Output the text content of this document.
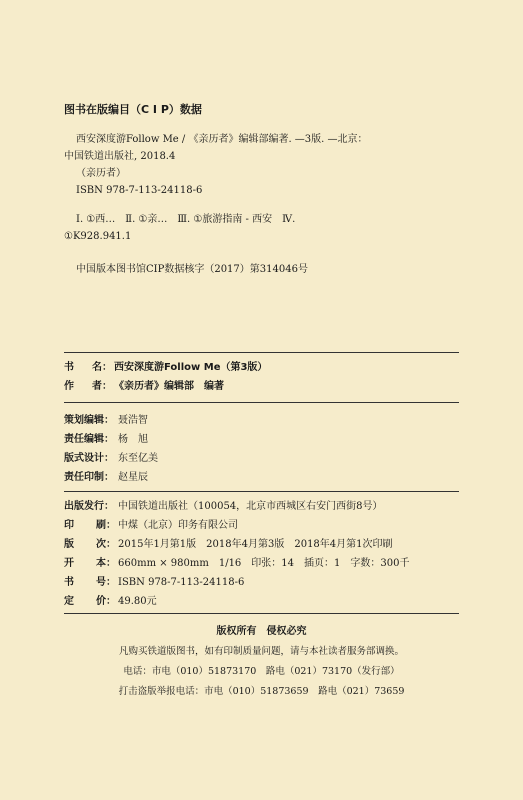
图书在版编目（C I P）数据
西安深度游Follow Me / 《亲历者》编辑部编著. —3版. —北京：
中国铁道出版社, 2018.4
（亲历者）
ISBN 978-7-113-24118-6
Ⅰ. ①西…　Ⅱ. ①亲…　Ⅲ. ①旅游指南 - 西安　Ⅳ.
①K928.941.1
中国版本图书馆CIP数据核字（2017）第314046号
书 名： 西安深度游Follow Me（第3版）
作 者： 《亲历者》编辑部　编著
策划编辑： 聂浩智
责任编辑： 杨　旭
版式设计： 东至亿美
责任印制： 赵星辰
出版发行： 中国铁道出版社（100054，北京市西城区右安门西街8号）
印 刷： 中煤（北京）印务有限公司
版 次： 2015年1月第1版　2018年4月第3版　2018年4月第1次印刷
开 本： 660mm × 980mm　1/16　印张：14　插页：1　字数：300千
书 号： ISBN 978-7-113-24118-6
定 价： 49.80元
版权所有　侵权必究
凡购买铁道版图书，如有印制质量问题，请与本社读者服务部调换。
电话：市电（010）51873170　路电（021）73170（发行部）
打击盗版举报电话：市电（010）51873659　路电（021）73659
